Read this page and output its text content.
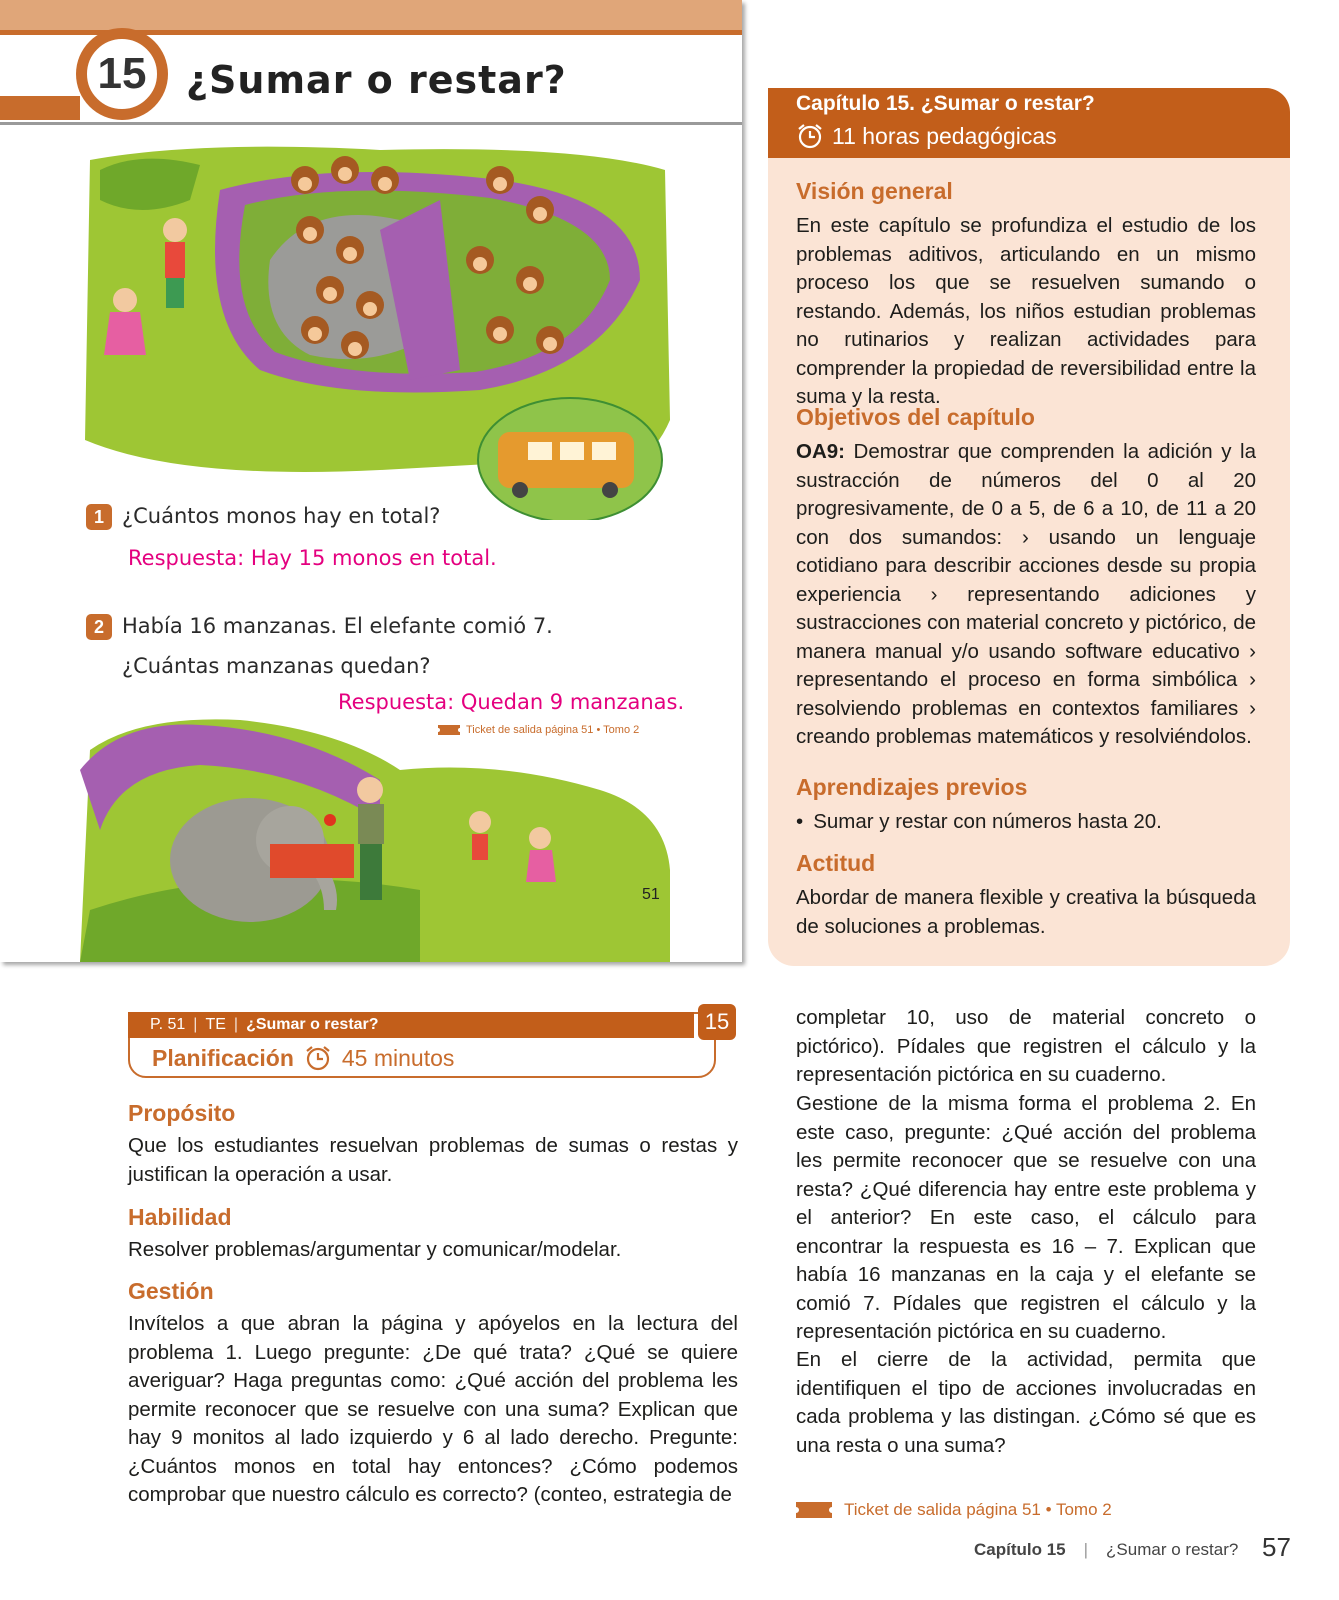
15	¿Sumar o restar?
1 ¿Cuántos monos hay en total?
Respuesta: Hay 15 monos en total.
2 Había 16 manzanas. El elefante comió 7.
¿Cuántas manzanas quedan?
Respuesta: Quedan 9 manzanas.
Ticket de salida página 51 • Tomo 2
51
Capítulo 15. ¿Sumar o restar?
11 horas pedagógicas
Visión general
En este capítulo se profundiza el estudio de los problemas aditivos, articulando en un mismo proceso los que se resuelven sumando o restando. Además, los niños estudian problemas no rutinarios y realizan actividades para comprender la propiedad de reversibilidad entre la suma y la resta.
Objetivos del capítulo
OA9: Demostrar que comprenden la adición y la sustracción de números del 0 al 20 progresivamente, de 0 a 5, de 6 a 10, de 11 a 20 con dos sumandos: › usando un lenguaje cotidiano para describir acciones desde su propia experiencia › representando adiciones y sustracciones con material concreto y pictórico, de manera manual y/o usando software educativo › representando el proceso en forma simbólica › resolviendo problemas en contextos familiares › creando problemas matemáticos y resolviéndolos.
Aprendizajes previos
• Sumar y restar con números hasta 20.
Actitud
Abordar de manera flexible y creativa la búsqueda de soluciones a problemas.
P. 51 | TE | ¿Sumar o restar?	15
Planificación 45 minutos
Propósito
Que los estudiantes resuelvan problemas de sumas o restas y justifican la operación a usar.
Habilidad
Resolver problemas/argumentar y comunicar/modelar.
Gestión
Invítelos a que abran la página y apóyelos en la lectura del problema 1. Luego pregunte: ¿De qué trata? ¿Qué se quiere averiguar? Haga preguntas como: ¿Qué acción del problema les permite reconocer que se resuelve con una suma? Explican que hay 9 monitos al lado izquierdo y 6 al lado derecho. Pregunte: ¿Cuántos monos en total hay entonces? ¿Cómo podemos comprobar que nuestro cálculo es correcto? (conteo, estrategia de
completar 10, uso de material concreto o pictórico). Pídales que registren el cálculo y la representación pictórica en su cuaderno.
Gestione de la misma forma el problema 2. En este caso, pregunte: ¿Qué acción del problema les permite reconocer que se resuelve con una resta? ¿Qué diferencia hay entre este problema y el anterior? En este caso, el cálculo para encontrar la respuesta es 16 – 7. Explican que había 16 manzanas en la caja y el elefante se comió 7. Pídales que registren el cálculo y la representación pictórica en su cuaderno.
En el cierre de la actividad, permita que identifiquen el tipo de acciones involucradas en cada problema y las distingan. ¿Cómo sé que es una resta o una suma?
Ticket de salida página 51 • Tomo 2
Capítulo 15 | ¿Sumar o restar? 57
